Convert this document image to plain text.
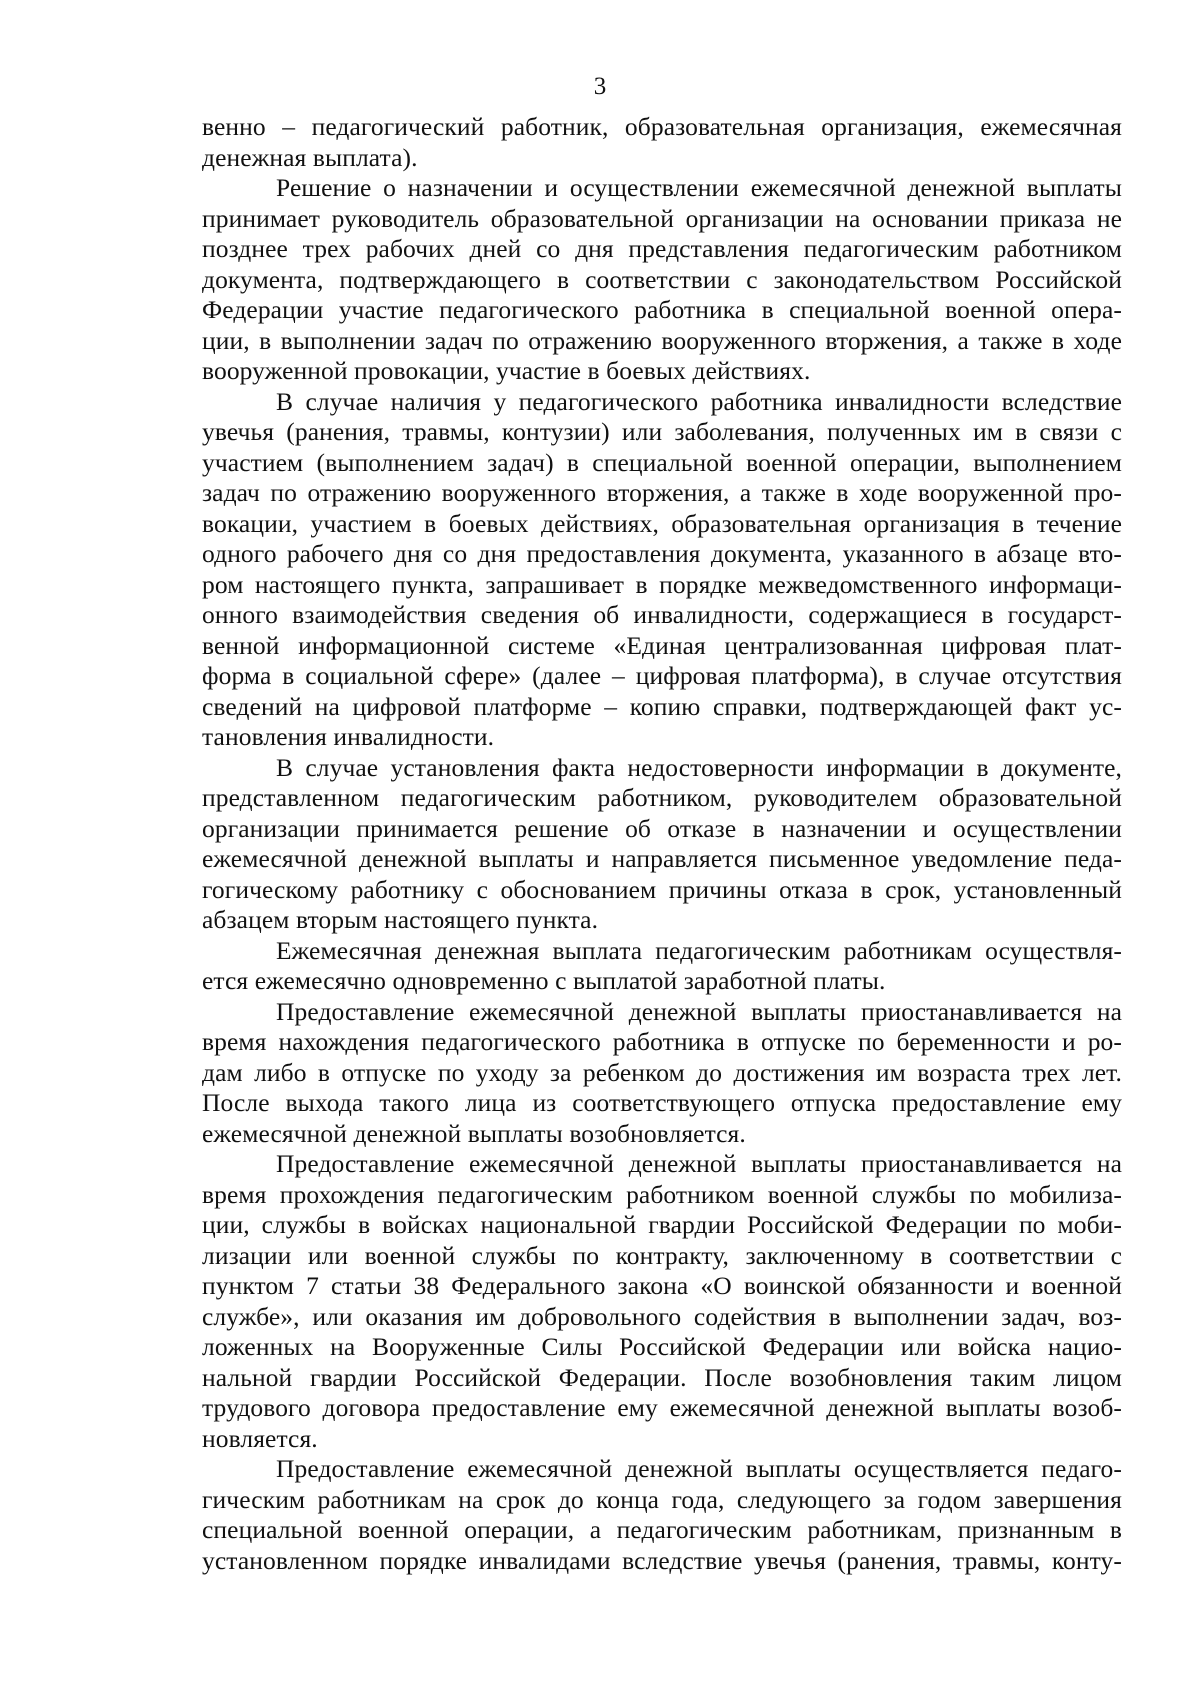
3
венно – педагогический работник, образовательная организация, ежемесячная
денежная выплата).
Решение о назначении и осуществлении ежемесячной денежной выплаты
принимает руководитель образовательной организации на основании приказа не
позднее трех рабочих дней со дня представления педагогическим работником
документа, подтверждающего в соответствии с законодательством Российской
Федерации участие педагогического работника в специальной военной опера-
ции, в выполнении задач по отражению вооруженного вторжения, а также в ходе
вооруженной провокации, участие в боевых действиях.
В случае наличия у педагогического работника инвалидности вследствие
увечья (ранения, травмы, контузии) или заболевания, полученных им в связи с
участием (выполнением задач) в специальной военной операции, выполнением
задач по отражению вооруженного вторжения, а также в ходе вооруженной про-
вокации, участием в боевых действиях, образовательная организация в течение
одного рабочего дня со дня предоставления документа, указанного в абзаце вто-
ром настоящего пункта, запрашивает в порядке межведомственного информаци-
онного взаимодействия сведения об инвалидности, содержащиеся в государст-
венной информационной системе «Единая централизованная цифровая плат-
форма в социальной сфере» (далее – цифровая платформа), в случае отсутствия
сведений на цифровой платформе – копию справки, подтверждающей факт ус-
тановления инвалидности.
В случае установления факта недостоверности информации в документе,
представленном педагогическим работником, руководителем образовательной
организации принимается решение об отказе в назначении и осуществлении
ежемесячной денежной выплаты и направляется письменное уведомление педа-
гогическому работнику с обоснованием причины отказа в срок, установленный
абзацем вторым настоящего пункта.
Ежемесячная денежная выплата педагогическим работникам осуществля-
ется ежемесячно одновременно с выплатой заработной платы.
Предоставление ежемесячной денежной выплаты приостанавливается на
время нахождения педагогического работника в отпуске по беременности и ро-
дам либо в отпуске по уходу за ребенком до достижения им возраста трех лет.
После выхода такого лица из соответствующего отпуска предоставление ему
ежемесячной денежной выплаты возобновляется.
Предоставление ежемесячной денежной выплаты приостанавливается на
время прохождения педагогическим работником военной службы по мобилиза-
ции, службы в войсках национальной гвардии Российской Федерации по моби-
лизации или военной службы по контракту, заключенному в соответствии с
пунктом 7 статьи 38 Федерального закона «О воинской обязанности и военной
службе», или оказания им добровольного содействия в выполнении задач, воз-
ложенных на Вооруженные Силы Российской Федерации или войска нацио-
нальной гвардии Российской Федерации. После возобновления таким лицом
трудового договора предоставление ему ежемесячной денежной выплаты возоб-
новляется.
Предоставление ежемесячной денежной выплаты осуществляется педаго-
гическим работникам на срок до конца года, следующего за годом завершения
специальной военной операции, а педагогическим работникам, признанным в
установленном порядке инвалидами вследствие увечья (ранения, травмы, конту-
